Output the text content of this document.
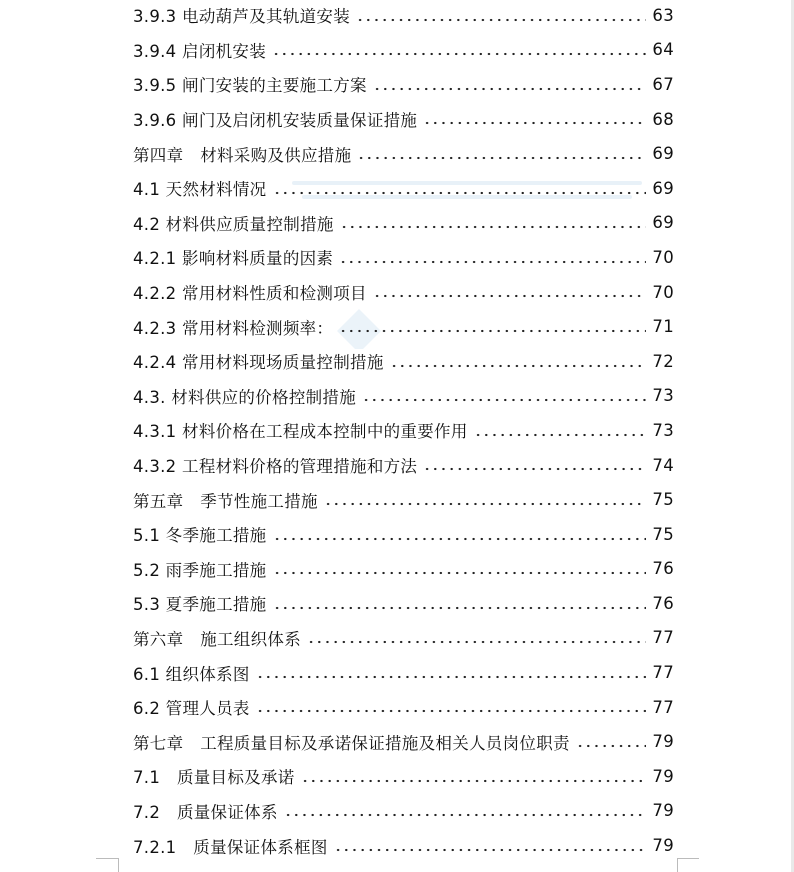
3.9.3 电动葫芦及其轨道安装	63
3.9.4 启闭机安装	64
3.9.5 闸门安装的主要施工方案	67
3.9.6 闸门及启闭机安装质量保证措施	68
第四章　材料采购及供应措施	69
4.1 天然材料情况	69
4.2 材料供应质量控制措施	69
4.2.1 影响材料质量的因素	70
4.2.2 常用材料性质和检测项目	70
4.2.3 常用材料检测频率：	71
4.2.4 常用材料现场质量控制措施	72
4.3. 材料供应的价格控制措施	73
4.3.1 材料价格在工程成本控制中的重要作用	73
4.3.2 工程材料价格的管理措施和方法	74
第五章　季节性施工措施	75
5.1 冬季施工措施	75
5.2 雨季施工措施	76
5.3 夏季施工措施	76
第六章　施工组织体系	77
6.1 组织体系图	77
6.2 管理人员表	77
第七章　工程质量目标及承诺保证措施及相关人员岗位职责	79
7.1　质量目标及承诺	79
7.2　质量保证体系	79
7.2.1　质量保证体系框图	79
